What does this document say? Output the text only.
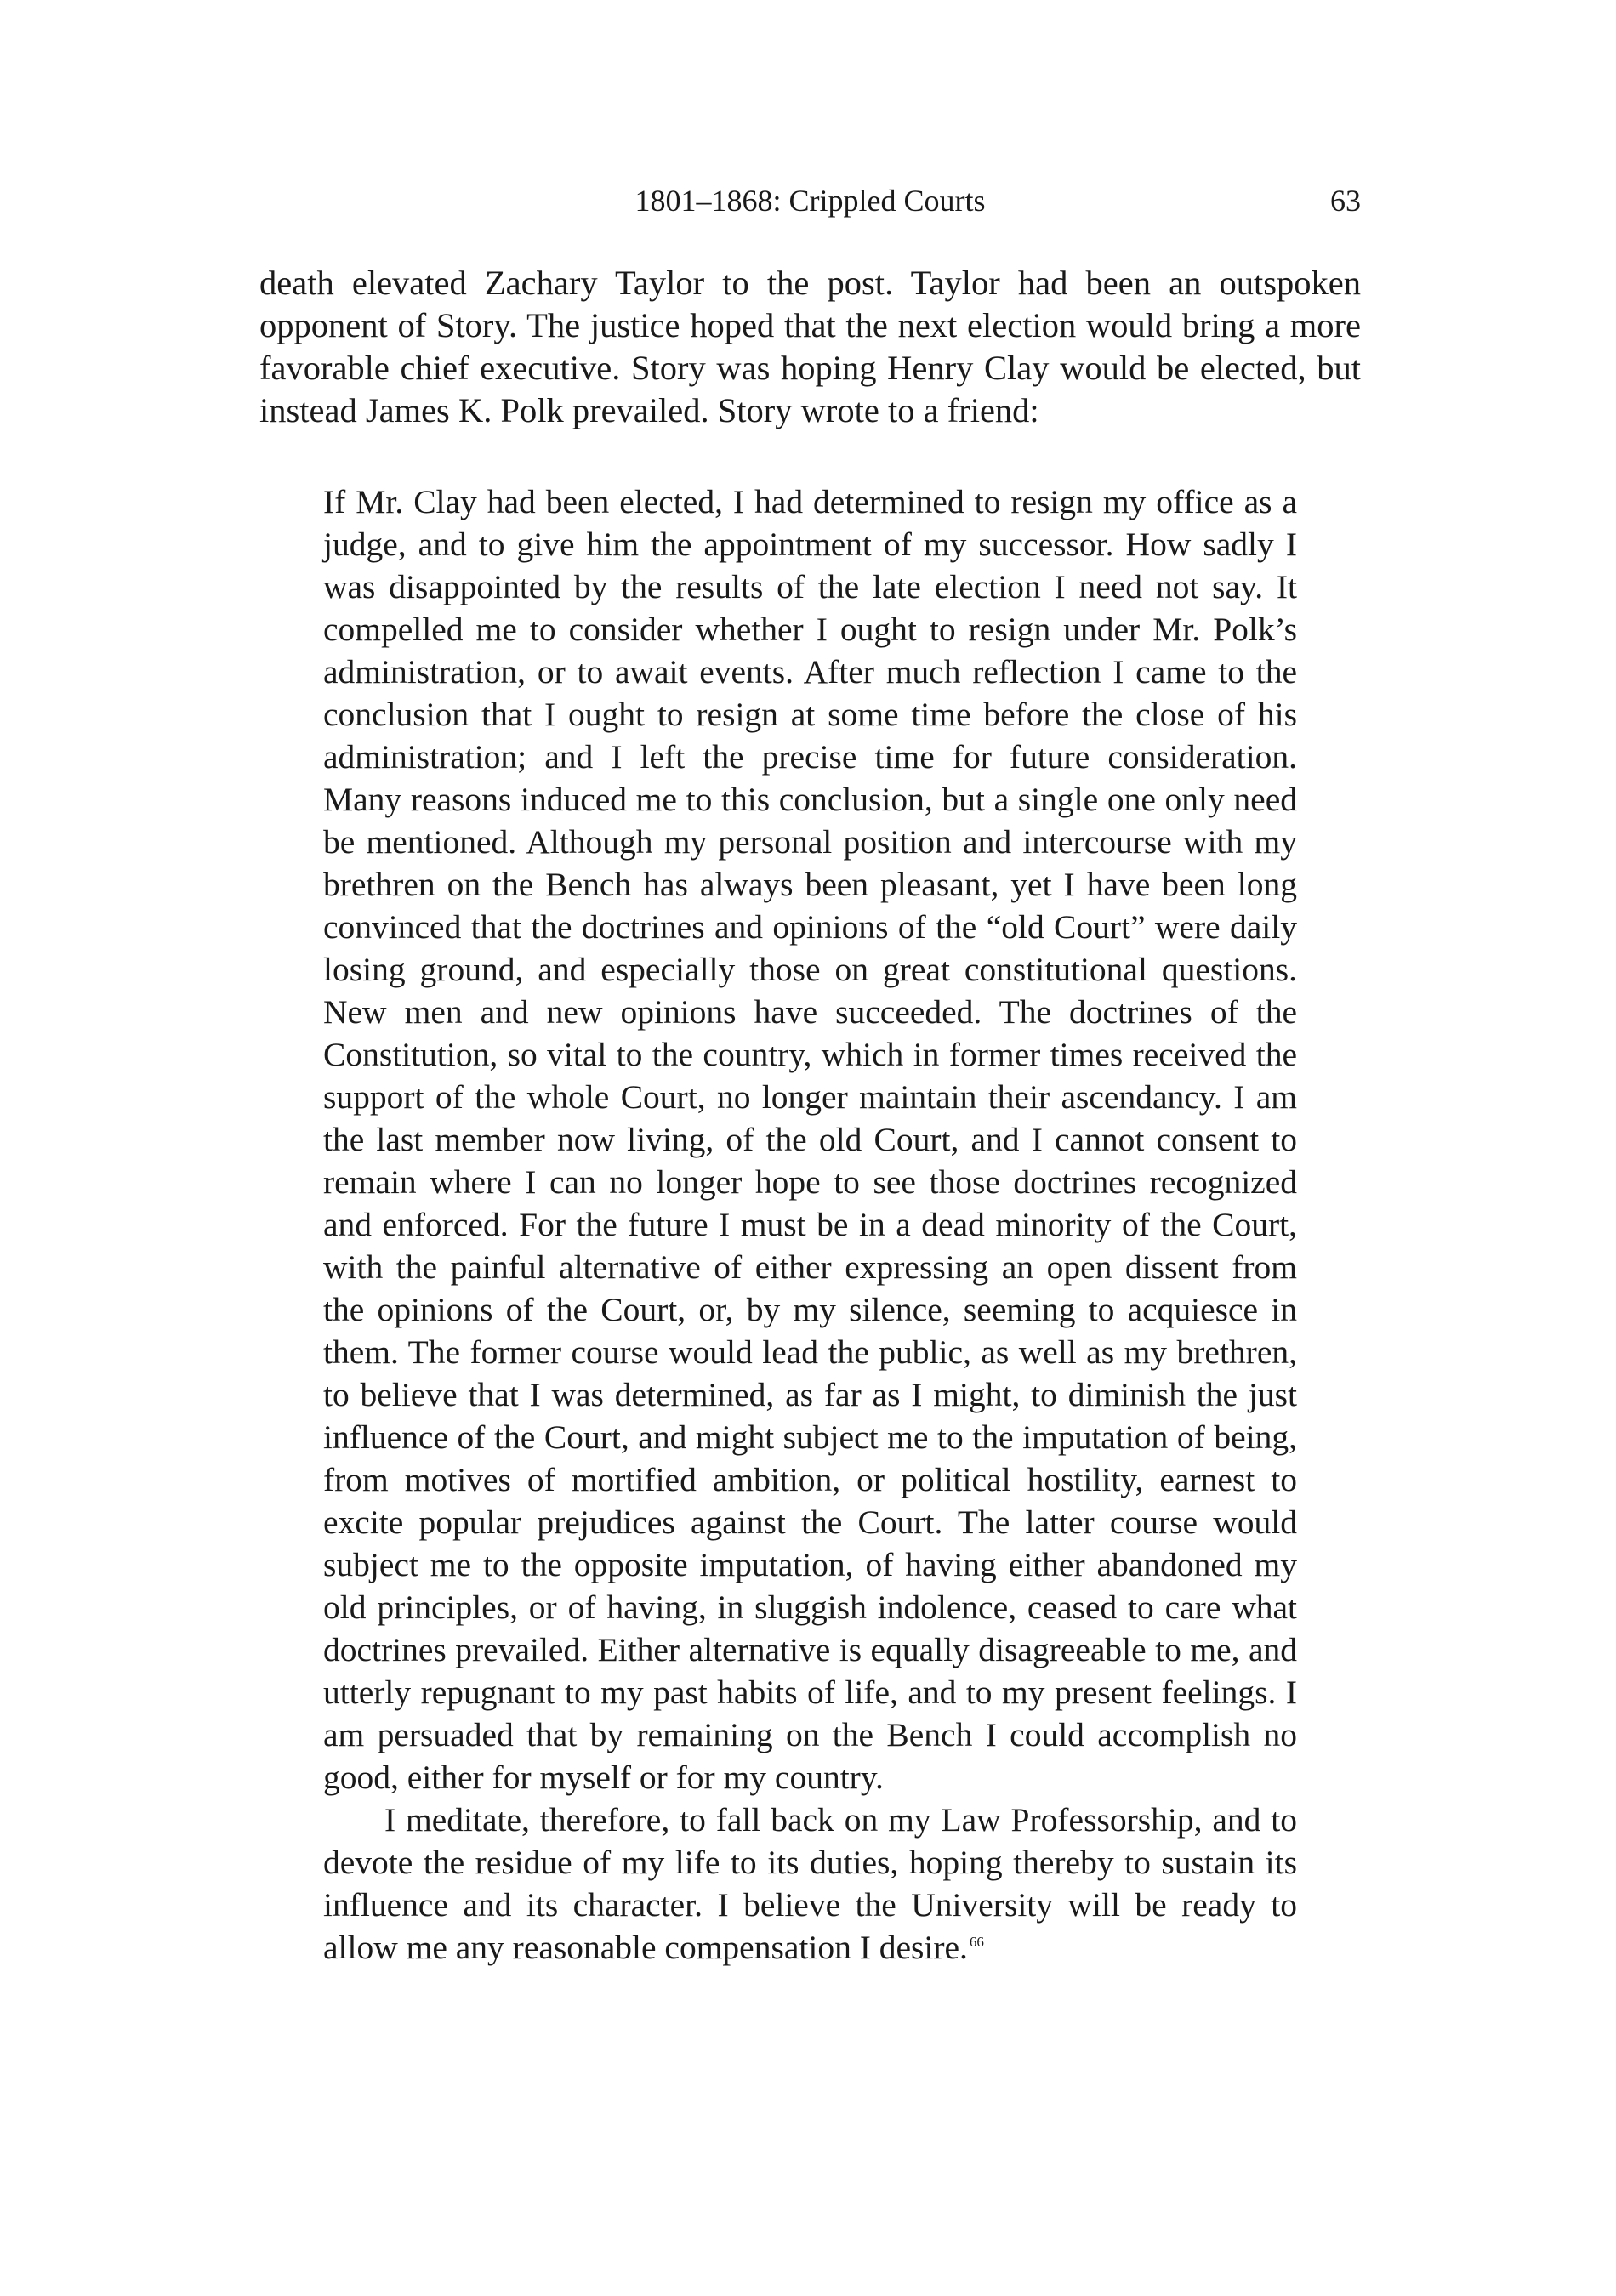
1801–1868: Crippled Courts	63

death elevated Zachary Taylor to the post. Taylor had been an outspoken opponent of Story. The justice hoped that the next election would bring a more favorable chief executive. Story was hoping Henry Clay would be elected, but instead James K. Polk prevailed. Story wrote to a friend:

If Mr. Clay had been elected, I had determined to resign my office as a judge, and to give him the appointment of my successor. How sadly I was disappointed by the results of the late election I need not say. It compelled me to consider whether I ought to resign under Mr. Polk’s administration, or to await events. After much reflection I came to the conclusion that I ought to resign at some time before the close of his administration; and I left the precise time for future consideration. Many reasons induced me to this conclusion, but a single one only need be mentioned. Although my personal position and intercourse with my brethren on the Bench has always been pleasant, yet I have been long convinced that the doctrines and opinions of the “old Court” were daily losing ground, and especially those on great constitutional questions. New men and new opinions have succeeded. The doctrines of the Constitution, so vital to the country, which in former times received the support of the whole Court, no longer maintain their ascendancy. I am the last member now living, of the old Court, and I cannot consent to remain where I can no longer hope to see those doctrines recognized and enforced. For the future I must be in a dead minority of the Court, with the painful alternative of either expressing an open dissent from the opinions of the Court, or, by my silence, seeming to acquiesce in them. The former course would lead the public, as well as my brethren, to believe that I was determined, as far as I might, to diminish the just influence of the Court, and might subject me to the imputation of being, from motives of mortified ambition, or political hostility, earnest to excite popular prejudices against the Court. The latter course would subject me to the opposite imputation, of having either abandoned my old principles, or of having, in sluggish indolence, ceased to care what doctrines prevailed. Either alternative is equally disagreeable to me, and utterly repugnant to my past habits of life, and to my present feelings. I am persuaded that by remaining on the Bench I could accomplish no good, either for myself or for my country.

I meditate, therefore, to fall back on my Law Professorship, and to devote the residue of my life to its duties, hoping thereby to sustain its influence and its character. I believe the University will be ready to allow me any reasonable compensation I desire. $^{66}$
